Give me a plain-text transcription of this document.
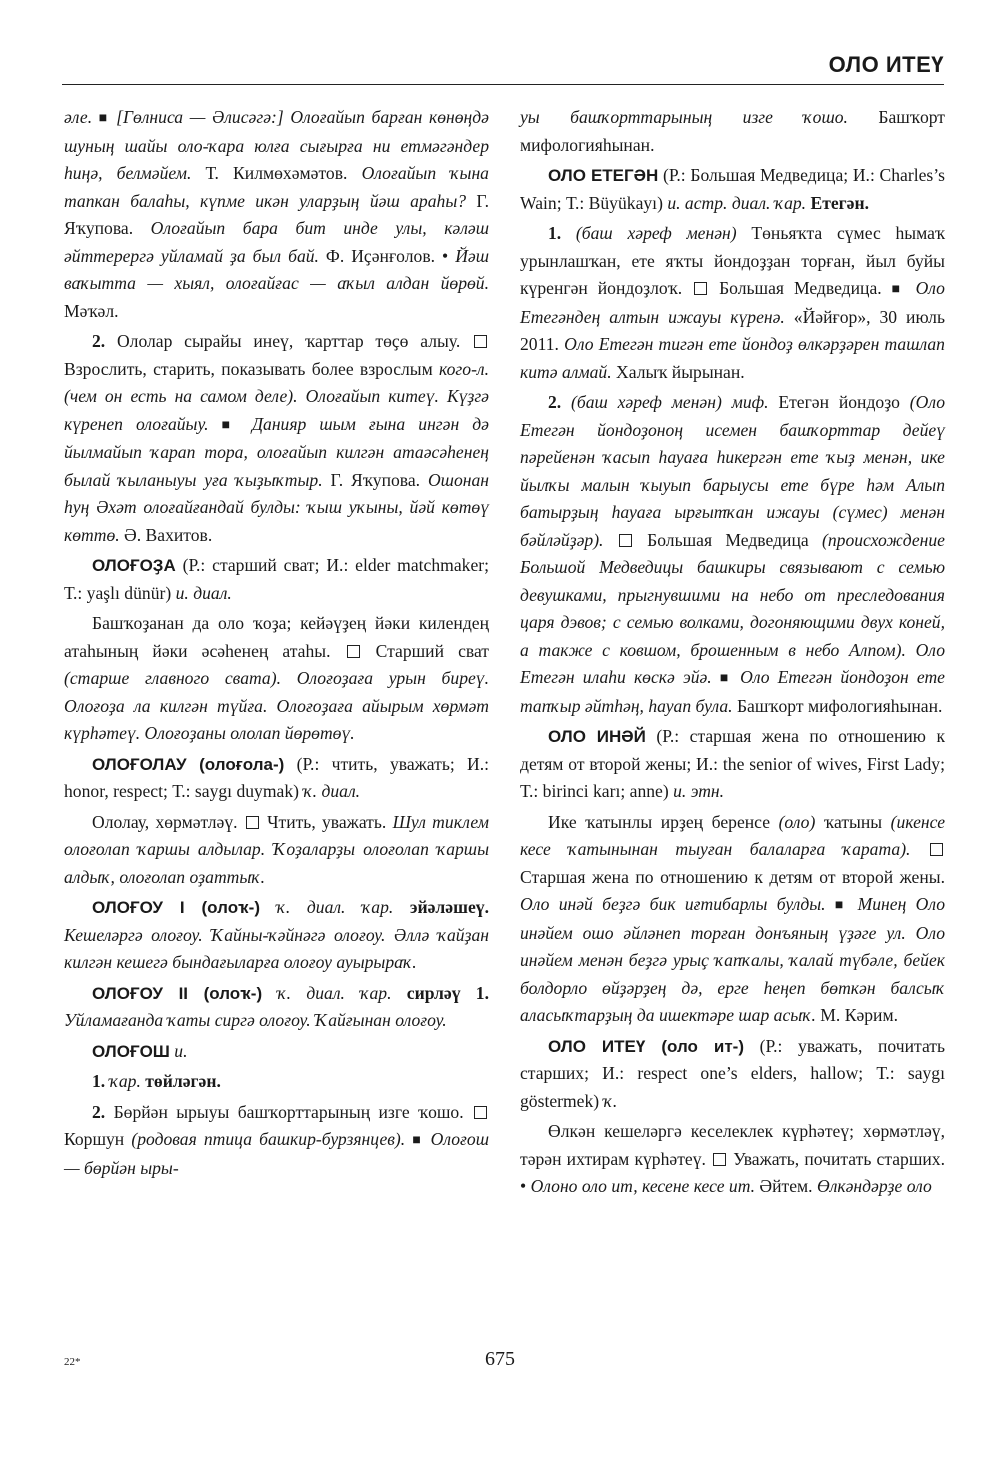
ОЛО ИТЕҮ

әле. ■ [Гөлниса — Әлисәгә:] Олоғайып барған көнөңдә шуның шайы оло-ҡара юлға сығырға ни етмәгәндер һиңә, белмәйем. Т. Килмөхәмәтов. Олоғайып ҡына тапкан балаһы, күпме икән уларҙың йәш араһы? Г. Яҡупова. Олоғайып бара бит инде улы, кәләш әйттерергә уйламай ҙа был бай. Ф. Иҫәнғолов. • Йәш ваҡытта — хыял, олоғайғас — аҡыл алдан йөрөй. Мәҡәл.

2. Ололар сырайы инеү, ҡарттар төҫө алыу.  Взрослить, старить, показывать более взрослым кого-л. (чем он есть на самом деле). Олоғайып китеү. Күҙгә күренеп олоғайыу. ■ Данияр шым ғына ингән дә йылмайып ҡарап тора, олоғайып килгән атаәсәһенең былай ҡыланыуы уға ҡыҙыҡтыр. Г. Яҡупова. Ошонан һуң Әхәт олоғайғандай булды: ҡыш уҡыны, йәй көтөү көттө. Ә. Вахитов.

ОЛОҒОҘА (Р.: старший сват; И.: elder matchmaker; Т.: yaşlı dünür) и. диал.

Башҡоҙанан да оло ҡоҙа; кейәүҙең йәки килендең атаһының йәки әсәһенең атаһы.  Старший сват (старше главного свата). Олоғоҙаға урын биреү. Олоғоҙа ла килгән түйға. Олоғоҙаға айырым хөрмәт күрһәтеү. Олоғоҙаны ололап йөрөтөү.

ОЛОҒОЛАУ (олоғола-) (Р.: чтить, уважать; И.: honor, respect; Т.: saygı duymak) ҡ. диал.

Ололау, хөрмәтләү.  Чтить, уважать. Шул тиклем олоғолап ҡаршы алдылар. Ҡоҙаларҙы олоғолап ҡаршы алдыҡ, олоғолап оҙаттыҡ.

ОЛОҒОУ I (олоҡ-) ҡ. диал. ҡар. эйәләшеү. Кешеләргә олоғоу. Ҡайны-ҡәйнәгә олоғоу. Әллә ҡайҙан килгән кешегә бындағыларға олоғоу ауырыраҡ.

ОЛОҒОУ II (олоҡ-) ҡ. диал. ҡар. сирләү 1. Уйламағанда ҡаты сиргә олоғоу. Ҡайғынан олоғоу.

ОЛОҒОШ и.

1. ҡар. төйләгән.

2. Бөрйән ырыуы башҡорттарының изге ҡошо.  Коршун (родовая птица башкир-бурзянцев). ■ Олоғош — бөрйән ыры-

уы башҡорттарының изге ҡошо. Башҡорт мифологияһынан.

ОЛО ЕТЕГӘН (Р.: Большая Медведица; И.: Charles’s Wain; Т.: Büyükayı) и. астр. диал. ҡар. Етегән.

1. (баш хәреф менән) Төньяҡта сүмес һымаҡ урынлашҡан, ете яҡты йондоҙҙан торған, йыл буйы күренгән йондоҙлоҡ.  Большая Медведица. ■ Оло Етегәндең алтын ижауы күренә. «Йәйғор», 30 июль 2011. Оло Етегән тигән ете йондоҙ өлкәрҙәрен ташлап китә алмай. Халыҡ йырынан.

2. (баш хәреф менән) миф. Етегән йондоҙо (Оло Етегән йондоҙоноң исемен башҡорттар дейеү пәрейенән ҡасып һауаға һикергән ете ҡыҙ менән, ике йылҡы малын ҡыуып барыусы ете бүре һәм Алып батырҙың һауаға ырғытҡан ижауы (сүмес) менән бәйләйҙәр).  Большая Медведица (происхождение Большой Медведицы башкиры связывают с семью девушками, прыгнувшими на небо от преследования царя дэвов; с семью волками, догоняющими двух коней, а также с ковшом, брошенным в небо Алпом). Оло Етегән илаһи көскә эйә. ■ Оло Етегән йондоҙон ете тапҡыр әйтһәң, һауап була. Башҡорт мифологияһынан.

ОЛО ИНӘЙ (Р.: старшая жена по отношению к детям от второй жены; И.: the senior of wives, First Lady; Т.: birinci karı; anne) и. этн.

Ике ҡатынлы ирҙең беренсе (оло) ҡатыны (икенсе кесе ҡатынынан тыуған балаларға ҡарата).  Старшая жена по отношению к детям от второй жены. Оло инәй беҙгә бик иғтибарлы булды. ■ Минең Оло инәйем ошо әйләнеп торған донъяның үҙәге ул. Оло инәйем менән беҙгә урыҫ ҡапҡалы, ҡалай түбәле, бейек болдорло өйҙәрҙең дә, ерге һеңеп бөткән балсыҡ аласыҡтарҙың да ишектәре шар асыҡ. М. Кәрим.

ОЛО ИТЕҮ (оло ит-) (Р.: уважать, почитать старших; И.: respect one’s elders, hallow; Т.: saygı göstermek) ҡ.

Өлкән кешеләргә кеселеклек күрһәтеү; хөрмәтләү, тәрән ихтирам күрһәтеү.  Уважать, почитать старших. • Олоно оло ит, кесене кесе ит. Әйтем. Өлкәндәрҙе оло

22*	675
